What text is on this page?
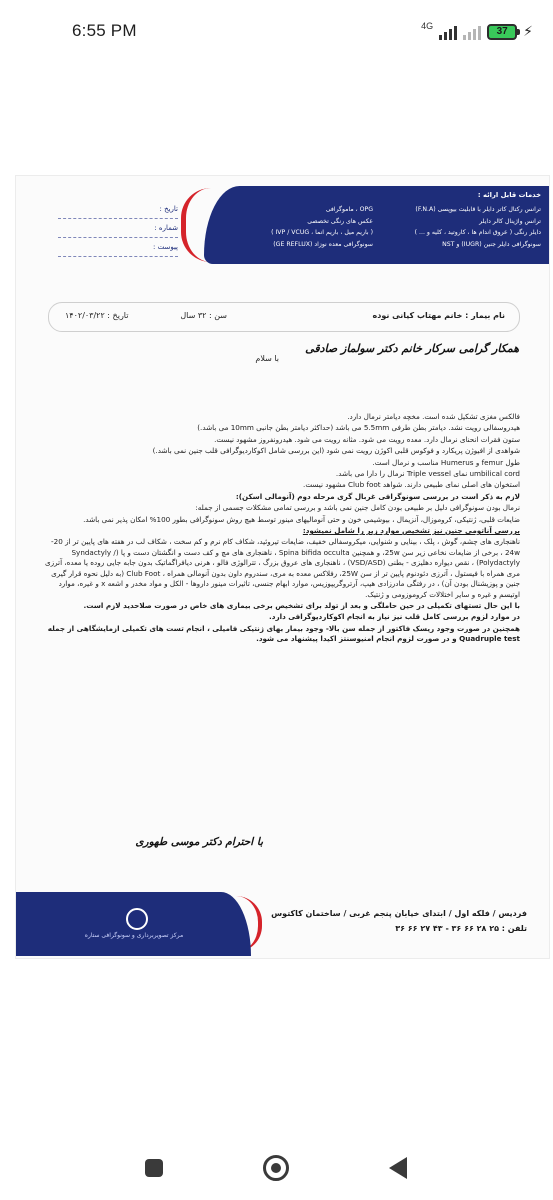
6:55 PM	4G	37	⚡
خدمات قابل ارائه :
ترانس رکتال کاتر دایلر با قابلیت بیوپسی (F.N.A)
ترانس واژینال کالر دایلر
دایلر رنگی ( عروق اندام ها ، کاروتید ، کلیه و ... )
سونوگرافی دایلر جنین (IUGR) و NST
OPG ، ماموگرافی
عکس های رنگی تخصصی
( باریم میل ، باریم انما ، IVP / VCUG )
سونوگرافی معده نوزاد (GE REFLUX)
تاریخ :
شماره :
پیوست :
نام بیمار : خانم مهتاب کیانی نوده
سن : ۳۲ سال
تاریخ : ۱۴۰۲/۰۳/۲۲
همکار گرامی سرکار خانم دکتر سولماز صادقی
با سلام

فالکس مغزی تشکیل شده است. مخچه دیامتر نرمال دارد.

هیدروسفالی رویت نشد. دیامتر بطن طرفی 5.5mm می باشد (حداکثر دیامتر بطن جانبی 10mm می باشد.)

ستون فقرات انحنای نرمال دارد. معده رویت می شود. مثانه رویت می شود. هیدرونفروز مشهود نیست.

شواهدی از افیوژن پریکارد و فوکوس قلبی اکوژن رویت نمی شود (این بررسی شامل اکوکاردیوگرافی قلب جنین نمی باشد.)

طول femur و Humerus مناسب و نرمال است.

umbilical cord نمای Triple vessel نرمال را دارا می باشد.

استخوان های اصلی نمای طبیعی دارند. شواهد Club foot مشهود نیست.

لازم به ذکر است در بررسی سونوگرافی غربال گری مرحله دوم (آنومالی اسکن):

نرمال بودن سونوگرافی دلیل بر طبیعی بودن کامل جنین نمی باشد و بررسی تمامی مشکلات جسمی از جمله:

ضایعات قلبی، ژنتیکی، کروموزال، آنزیمال ، بیوشیمی خون و حتی آنومالیهای مینور توسط هیچ روش سونوگرافی بطور 100% امکان پذیر نمی باشد.

بررسی آناتومی جنین نیز تشخیص موارد زیر را شامل نمیشود:

ناهنجاری های چشم، گوش ، پلک ، بینایی و شنوایی، میکروسفالی خفیف، ضایعات تیروئید، شکاف کام نرم و کم سخت ، شکاف لب در هفته های پایین تر از 20-24w ، برخی از ضایعات نخاعی زیر سن 25w، و همچنین Spina bifida occulta ، ناهنجاری های مچ و کف دست و انگشتان دست و پا (Syndactyly / Polydactyly) ، نقص دیواره دهلیزی - بطنی (VSD/ASD) ، ناهنجاری های عروق بزرگ ، تترالوژی فالو ، هرنی دیافراگماتیک بدون جابه جایی روده یا معده، آترزی مری همراه با فیستول ، آترزی دئودنوم پایین تر از سن 25W، رفلاکس معده به مری، سندروم داون بدون آنومالی همراه ، Club Foot (به دلیل نحوه قرار گیری جنین و پوزیشنال بودن آن) ، در رفتگی مادرزادی هیپ، آرتروگریپوزیس، موارد ابهام جنسی، تاثیرات مینور داروها - الکل و مواد مخدر و اشعه x و غیره، موارد اوتیسم و غیره و سایر اختلالات کروموزومی و ژنتیک.

با این حال تستهای تکمیلی در حین حاملگی و بعد از تولد برای تشخیص برخی بیماری های خاص در صورت صلاحدید لازم است.

در موارد لزوم بررسی کامل قلب نیز نیاز به انجام اکوکاردیوگرافی دارد.

همچنین در صورت وجود ریسک فاکتور از جمله سن بالا- وجود بیمار بهای ژنتیکی فامیلی ، انجام تست های تکمیلی ازمایشگاهی از جمله Quadruple test و در صورت لزوم انجام امنیوسنتز اکیدا پیشنهاد می شود.

با احترام دکتر موسی طهوری
مرکز تصویربرداری و سونوگرافی ستاره
فردیس / فلکه اول / ابتدای خیابان پنجم غربی / ساختمان کاکتوس
تلفن : ۲۵ ۲۸ ۶۶ ۳۶ - ۴۳ ۲۷ ۶۶ ۳۶
